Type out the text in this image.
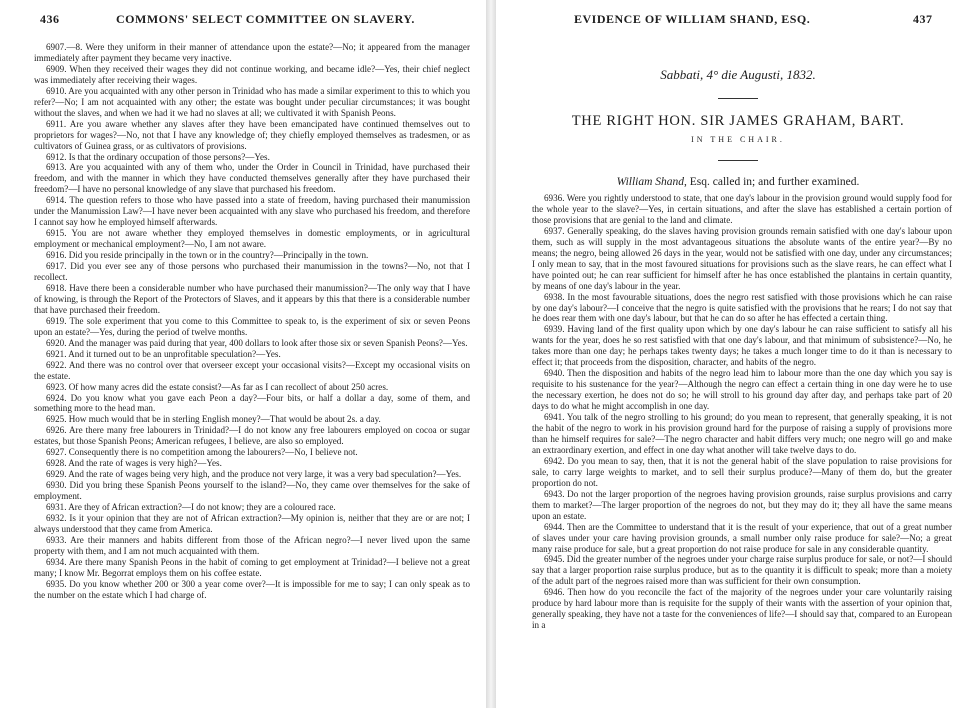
436	COMMONS' SELECT COMMITTEE ON SLAVERY.

6907.—8. Were they uniform in their manner of attendance upon the estate?—No; it appeared from the manager immediately after payment they became very inactive.

6909. When they received their wages they did not continue working, and became idle?—Yes, their chief neglect was immediately after receiving their wages.

6910. Are you acquainted with any other person in Trinidad who has made a similar experiment to this to which you refer?—No; I am not acquainted with any other; the estate was bought under peculiar circumstances; it was bought without the slaves, and when we had it we had no slaves at all; we cultivated it with Spanish Peons.

6911. Are you aware whether any slaves after they have been emancipated have continued themselves out to proprietors for wages?—No, not that I have any knowledge of; they chiefly employed themselves as tradesmen, or as cultivators of Guinea grass, or as cultivators of provisions.

6912. Is that the ordinary occupation of those persons?—Yes.

6913. Are you acquainted with any of them who, under the Order in Council in Trinidad, have purchased their freedom, and with the manner in which they have conducted themselves generally after they have purchased their freedom?—I have no personal knowledge of any slave that purchased his freedom.

6914. The question refers to those who have passed into a state of freedom, having purchased their manumission under the Manumission Law?—I have never been acquainted with any slave who purchased his freedom, and therefore I cannot say how he employed himself afterwards.

6915. You are not aware whether they employed themselves in domestic employments, or in agricultural employment or mechanical employment?—No, I am not aware.

6916. Did you reside principally in the town or in the country?—Principally in the town.

6917. Did you ever see any of those persons who purchased their manumission in the towns?—No, not that I recollect.

6918. Have there been a considerable number who have purchased their manumission?—The only way that I have of knowing, is through the Report of the Protectors of Slaves, and it appears by this that there is a considerable number that have purchased their freedom.

6919. The sole experiment that you come to this Committee to speak to, is the experiment of six or seven Peons upon an estate?—Yes, during the period of twelve months.

6920. And the manager was paid during that year, 400 dollars to look after those six or seven Spanish Peons?—Yes.

6921. And it turned out to be an unprofitable speculation?—Yes.

6922. And there was no control over that overseer except your occasional visits?—Except my occasional visits on the estate.

6923. Of how many acres did the estate consist?—As far as I can recollect of about 250 acres.

6924. Do you know what you gave each Peon a day?—Four bits, or half a dollar a day, some of them, and something more to the head man.

6925. How much would that be in sterling English money?—That would be about 2s. a day.

6926. Are there many free labourers in Trinidad?—I do not know any free labourers employed on cocoa or sugar estates, but those Spanish Peons; American refugees, I believe, are also so employed.

6927. Consequently there is no competition among the labourers?—No, I believe not.

6928. And the rate of wages is very high?—Yes.

6929. And the rate of wages being very high, and the produce not very large, it was a very bad speculation?—Yes.

6930. Did you bring these Spanish Peons yourself to the island?—No, they came over themselves for the sake of employment.

6931. Are they of African extraction?—I do not know; they are a coloured race.

6932. Is it your opinion that they are not of African extraction?—My opinion is, neither that they are or are not; I always understood that they came from America.

6933. Are their manners and habits different from those of the African negro?—I never lived upon the same property with them, and I am not much acquainted with them.

6934. Are there many Spanish Peons in the habit of coming to get employment at Trinidad?—I believe not a great many; I know Mr. Begorrat employs them on his coffee estate.

6935. Do you know whether 200 or 300 a year come over?—It is impossible for me to say; I can only speak as to the number on the estate which I had charge of.

EVIDENCE OF WILLIAM SHAND, ESQ.	437
Sabbati, 4° die Augusti, 1832.
THE RIGHT HON. SIR JAMES GRAHAM, BART.
IN THE CHAIR.
William Shand, Esq. called in; and further examined.

6936. Were you rightly understood to state, that one day's labour in the provision ground would supply food for the whole year to the slave?—Yes, in certain situations, and after the slave has established a certain portion of those provisions that are genial to the land and climate.

6937. Generally speaking, do the slaves having provision grounds remain satisfied with one day's labour upon them, such as will supply in the most advantageous situations the absolute wants of the entire year?—By no means; the negro, being allowed 26 days in the year, would not be satisfied with one day, under any circumstances; I only mean to say, that in the most favoured situations for provisions such as the slave rears, he can effect what I have pointed out; he can rear sufficient for himself after he has once established the plantains in certain quantity, by means of one day's labour in the year.

6938. In the most favourable situations, does the negro rest satisfied with those provisions which he can raise by one day's labour?—I conceive that the negro is quite satisfied with the provisions that he rears; I do not say that he does rear them with one day's labour, but that he can do so after he has effected a certain thing.

6939. Having land of the first quality upon which by one day's labour he can raise sufficient to satisfy all his wants for the year, does he so rest satisfied with that one day's labour, and that minimum of subsistence?—No, he takes more than one day; he perhaps takes twenty days; he takes a much longer time to do it than is necessary to effect it; that proceeds from the disposition, character, and habits of the negro.

6940. Then the disposition and habits of the negro lead him to labour more than the one day which you say is requisite to his sustenance for the year?—Although the negro can effect a certain thing in one day were he to use the necessary exertion, he does not do so; he will stroll to his ground day after day, and perhaps take part of 20 days to do what he might accomplish in one day.

6941. You talk of the negro strolling to his ground; do you mean to represent, that generally speaking, it is not the habit of the negro to work in his provision ground hard for the purpose of raising a supply of provisions more than he himself requires for sale?—The negro character and habit differs very much; one negro will go and make an extraordinary exertion, and effect in one day what another will take twelve days to do.

6942. Do you mean to say, then, that it is not the general habit of the slave population to raise provisions for sale, to carry large weights to market, and to sell their surplus produce?—Many of them do, but the greater proportion do not.

6943. Do not the larger proportion of the negroes having provision grounds, raise surplus provisions and carry them to market?—The larger proportion of the negroes do not, but they may do it; they all have the same means upon an estate.

6944. Then are the Committee to understand that it is the result of your experience, that out of a great number of slaves under your care having provision grounds, a small number only raise produce for sale?—No; a great many raise produce for sale, but a great proportion do not raise produce for sale in any considerable quantity.

6945. Did the greater number of the negroes under your charge raise surplus produce for sale, or not?—I should say that a larger proportion raise surplus produce, but as to the quantity it is difficult to speak; more than a moiety of the adult part of the negroes raised more than was sufficient for their own consumption.

6946. Then how do you reconcile the fact of the majority of the negroes under your care voluntarily raising produce by hard labour more than is requisite for the supply of their wants with the assertion of your opinion that, generally speaking, they have not a taste for the conveniences of life?—I should say that, compared to an European in a
